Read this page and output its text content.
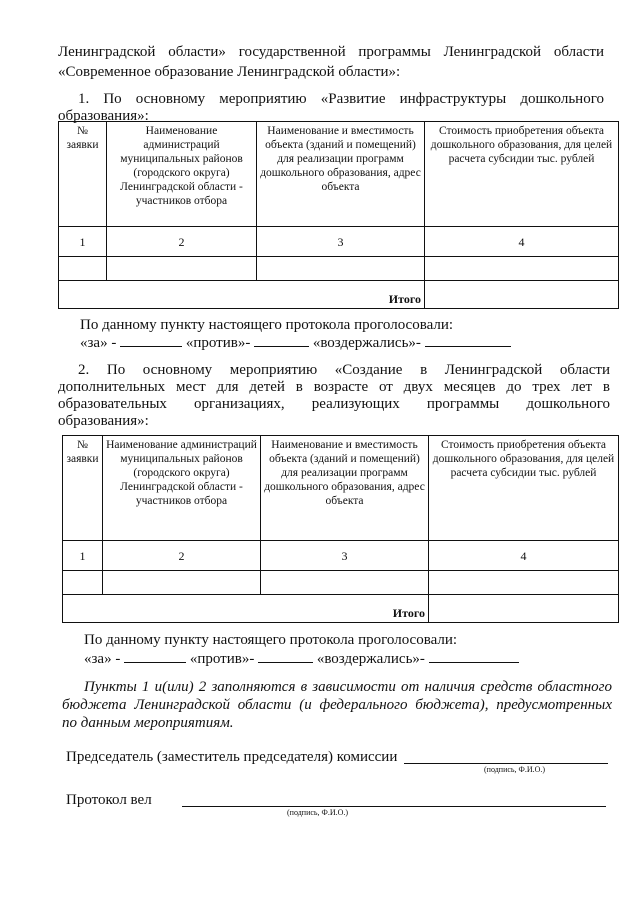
Ленинградской области» государственной программы Ленинградской области
«Современное образование Ленинградской области»:
1. По основному мероприятию «Развитие инфраструктуры дошкольного
образования»:
№ заявки	Наименование администраций муниципальных районов (городского округа) Ленинградской области - участников отбора	Наименование и вместимость объекта (зданий и помещений) для реализации программ дошкольного образования, адрес объекта	Стоимость приобретения объекта дошкольного образования, для целей расчета субсидии тыс. рублей
1	2	3	4

Итого			
По данному пункту настоящего протокола проголосовали:
«за» -	«против»-	«воздержались»-
2. По основному мероприятию «Создание в Ленинградской области
дополнительных мест для детей в возрасте от двух месяцев до трех лет в
образовательных организациях, реализующих программы дошкольного
образования»:
№ заявки	Наименование администраций муниципальных районов (городского округа) Ленинградской области - участников отбора	Наименование и вместимость объекта (зданий и помещений) для реализации программ дошкольного образования, адрес объекта	Стоимость приобретения объекта дошкольного образования, для целей расчета субсидии тыс. рублей
1	2	3	4

Итого			
По данному пункту настоящего протокола проголосовали:
«за» -	«против»-	«воздержались»-
Пункты 1 и(или) 2 заполняются в зависимости от наличия средств областного
бюджета Ленинградской области (и федерального бюджета), предусмотренных
по данным мероприятиям.
Председатель (заместитель председателя) комиссии
(подпись, Ф.И.О.)
Протокол вел
(подпись, Ф.И.О.)
